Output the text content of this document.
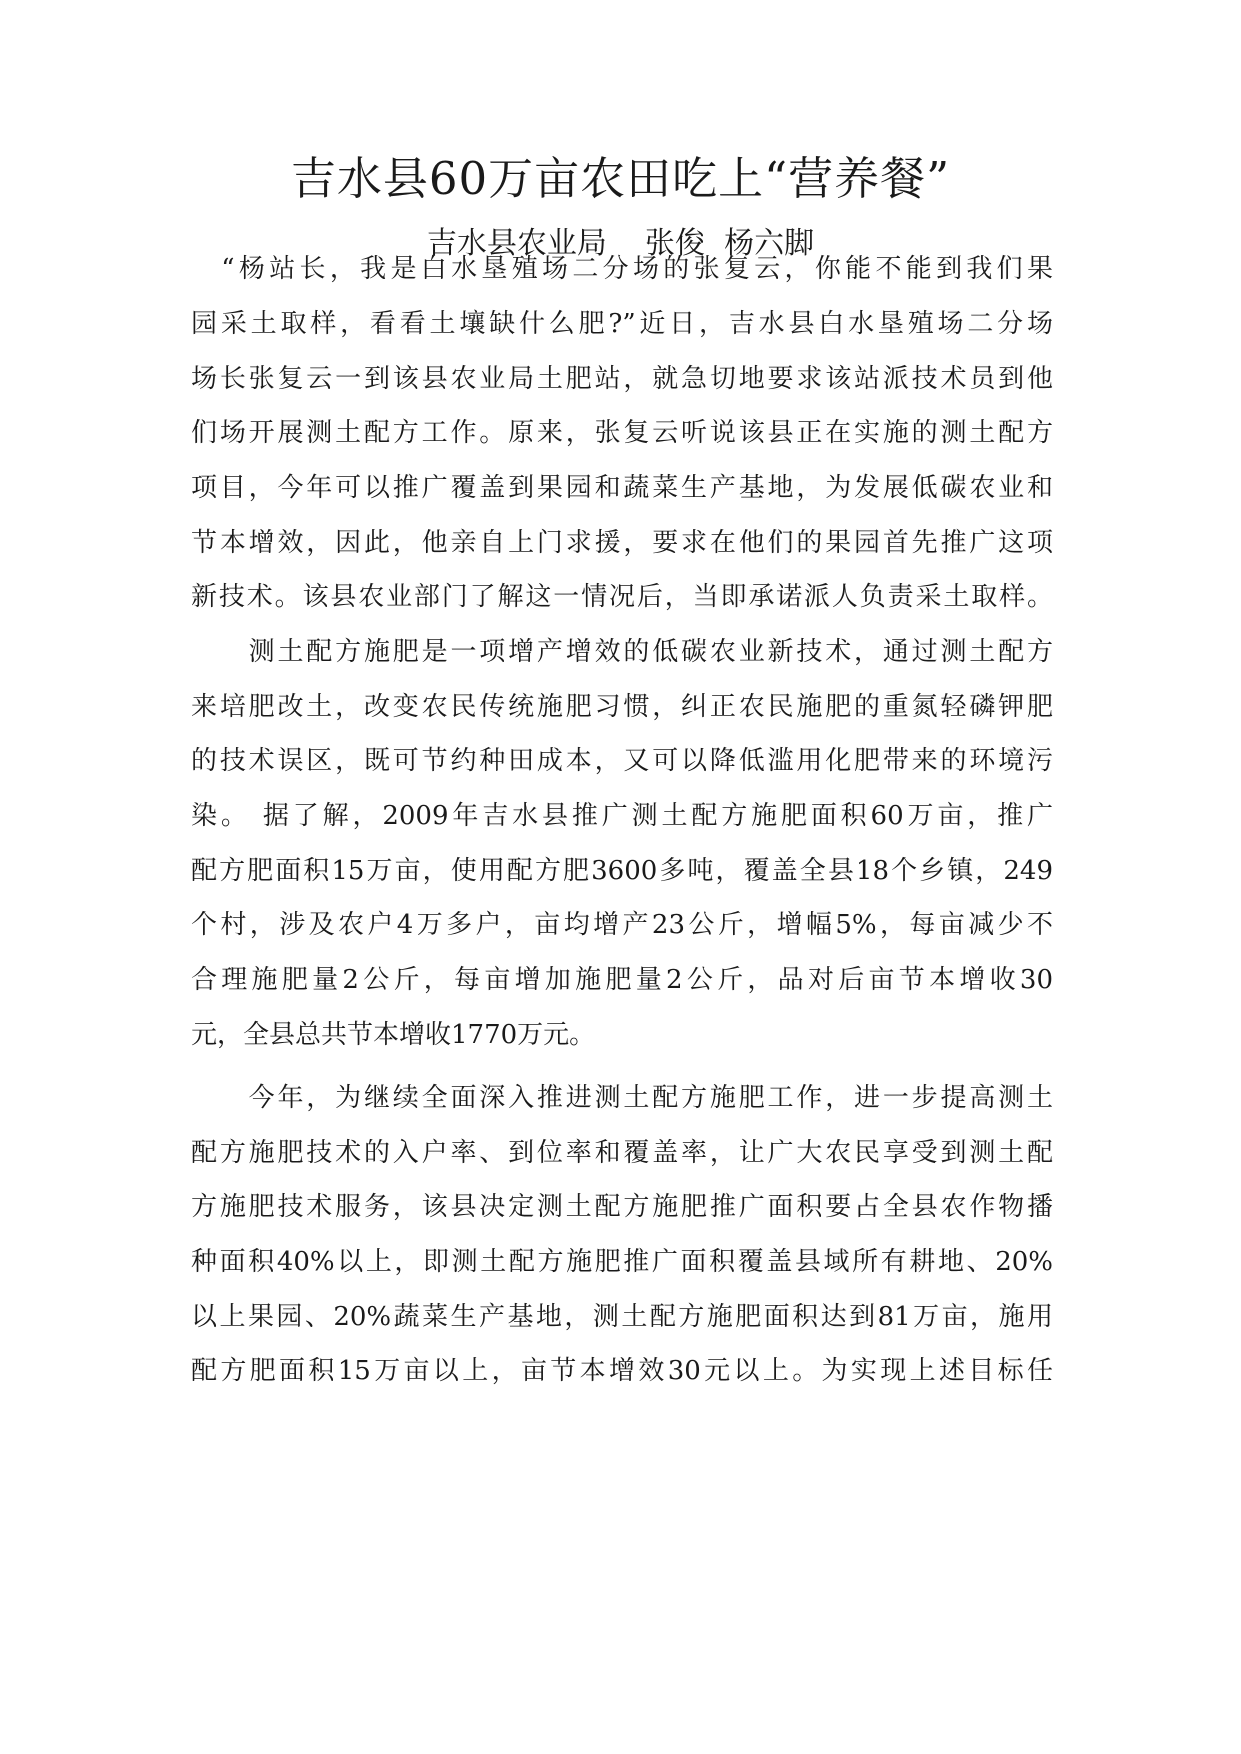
吉水县60万亩农田吃上“营养餐”
吉水县农业局    张俊  杨六脚
　“杨站长，我是白水垦殖场二分场的张复云，你能不能到我们果
园采土取样，看看土壤缺什么肥?”近日，吉水县白水垦殖场二分场
场长张复云一到该县农业局土肥站，就急切地要求该站派技术员到他
们场开展测土配方工作。原来，张复云听说该县正在实施的测土配方
项目，今年可以推广覆盖到果园和蔬菜生产基地，为发展低碳农业和
节本增效，因此，他亲自上门求援，要求在他们的果园首先推广这项
新技术。该县农业部门了解这一情况后，当即承诺派人负责采土取样。
　　测土配方施肥是一项增产增效的低碳农业新技术，通过测土配方
来培肥改土，改变农民传统施肥习惯，纠正农民施肥的重氮轻磷钾肥
的技术误区，既可节约种田成本，又可以降低滥用化肥带来的环境污
染。 据了解，2009年吉水县推广测土配方施肥面积60万亩，推广
配方肥面积15万亩，使用配方肥3600多吨，覆盖全县18个乡镇，249
个村，涉及农户4万多户，亩均增产23公斤，增幅5%，每亩减少不
合理施肥量2公斤，每亩增加施肥量2公斤，品对后亩节本增收30
元，全县总共节本增收1770万元。
　　今年，为继续全面深入推进测土配方施肥工作，进一步提高测土
配方施肥技术的入户率、到位率和覆盖率，让广大农民享受到测土配
方施肥技术服务，该县决定测土配方施肥推广面积要占全县农作物播
种面积40%以上，即测土配方施肥推广面积覆盖县域所有耕地、20%
以上果园、20%蔬菜生产基地，测土配方施肥面积达到81万亩，施用
配方肥面积15万亩以上，亩节本增效30元以上。为实现上述目标任
